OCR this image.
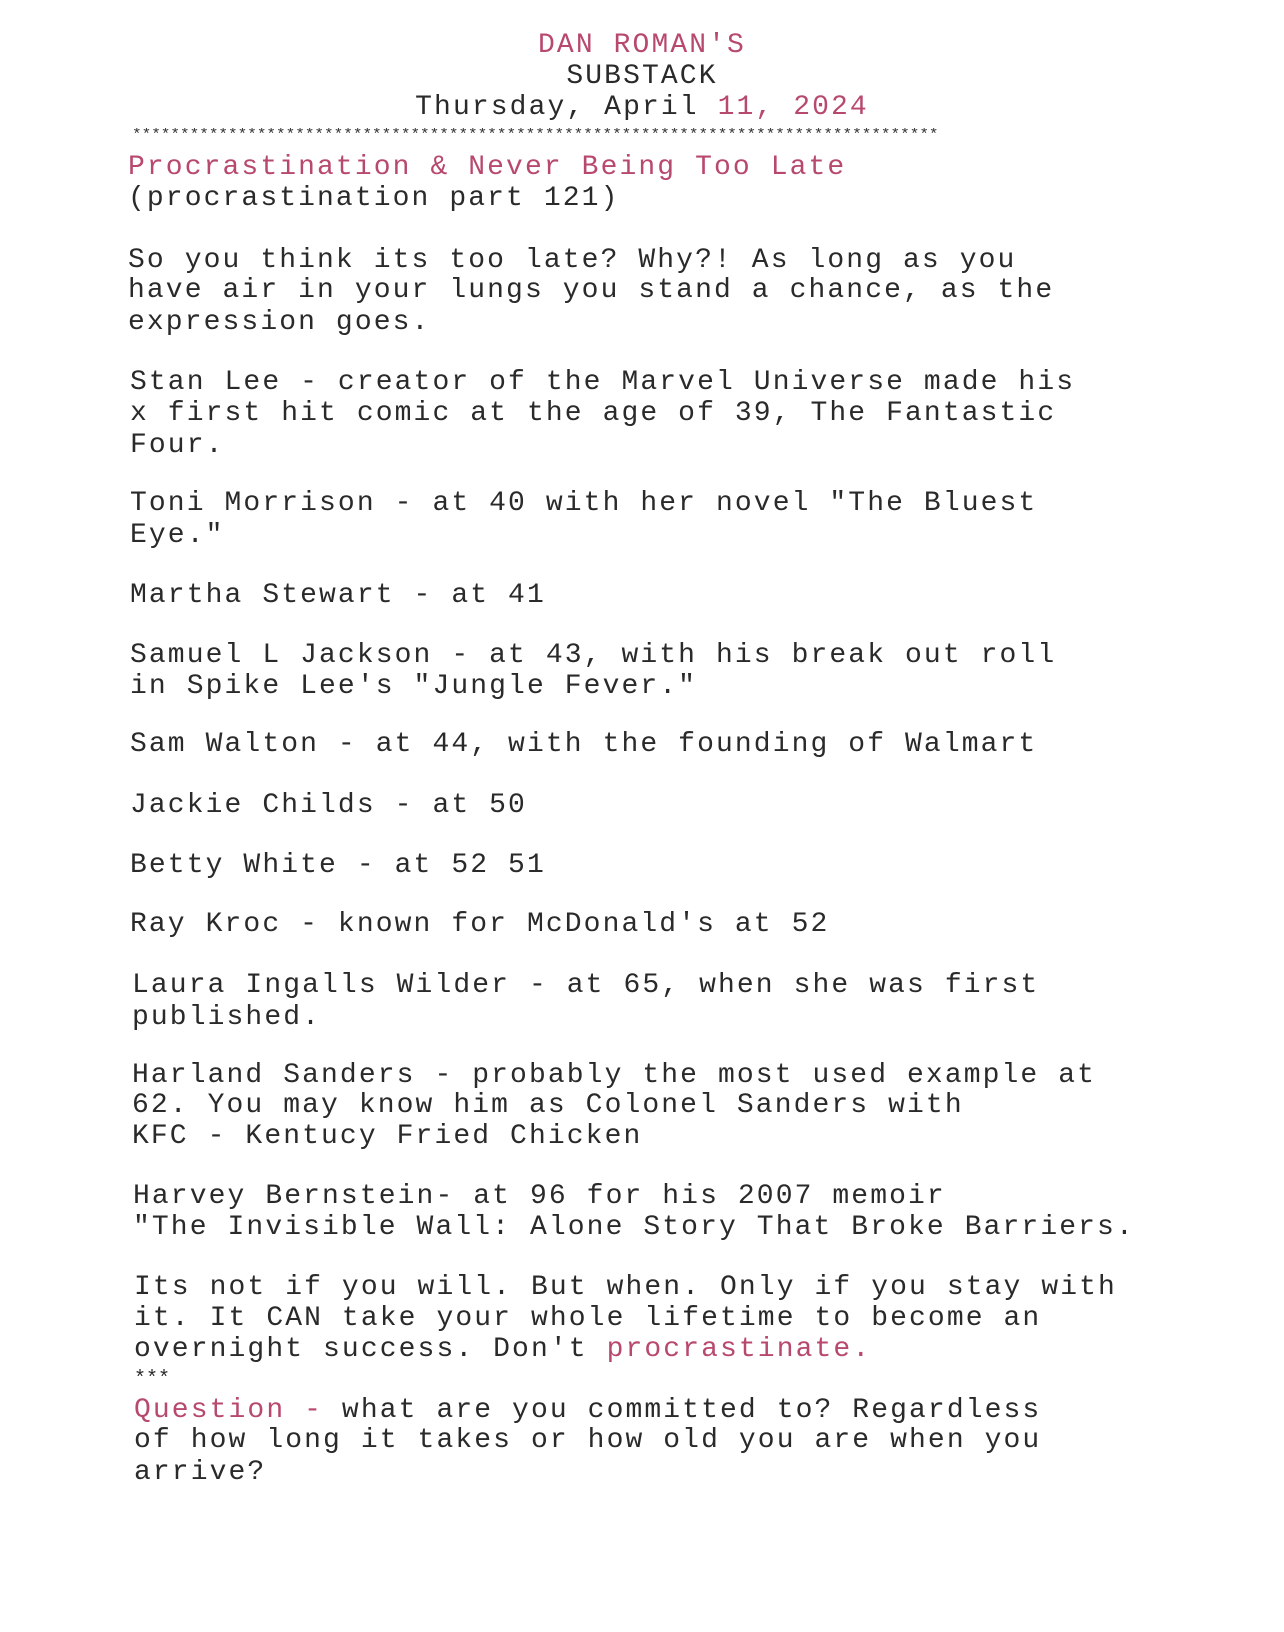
DAN ROMAN'S
SUBSTACK
Thursday, April 11, 2024
************************************************************************************
Procrastination & Never Being Too Late
(procrastination part 121)
So you think its too late? Why?! As long as you
have air in your lungs you stand a chance, as the
expression goes.
Stan Lee - creator of the Marvel Universe made his
x first hit comic at the age of 39, The Fantastic
Four.
Toni Morrison - at 40 with her novel "The Bluest
Eye."
Martha Stewart - at 41
Samuel L Jackson - at 43, with his break out roll
in Spike Lee's "Jungle Fever."
Sam Walton - at 44, with the founding of Walmart
Jackie Childs - at 50
Betty White - at 52 51
Ray Kroc - known for McDonald's at 52
Laura Ingalls Wilder - at 65, when she was first
published.
Harland Sanders - probably the most used example at
62. You may know him as Colonel Sanders with
KFC - Kentucy Fried Chicken
Harvey Bernstein- at 96 for his 2007 memoir
"The Invisible Wall: Alone Story That Broke Barriers.
Its not if you will. But when. Only if you stay with
it. It CAN take your whole lifetime to become an
overnight success. Don't procrastinate.
***
Question - what are you committed to? Regardless
of how long it takes or how old you are when you
arrive?
